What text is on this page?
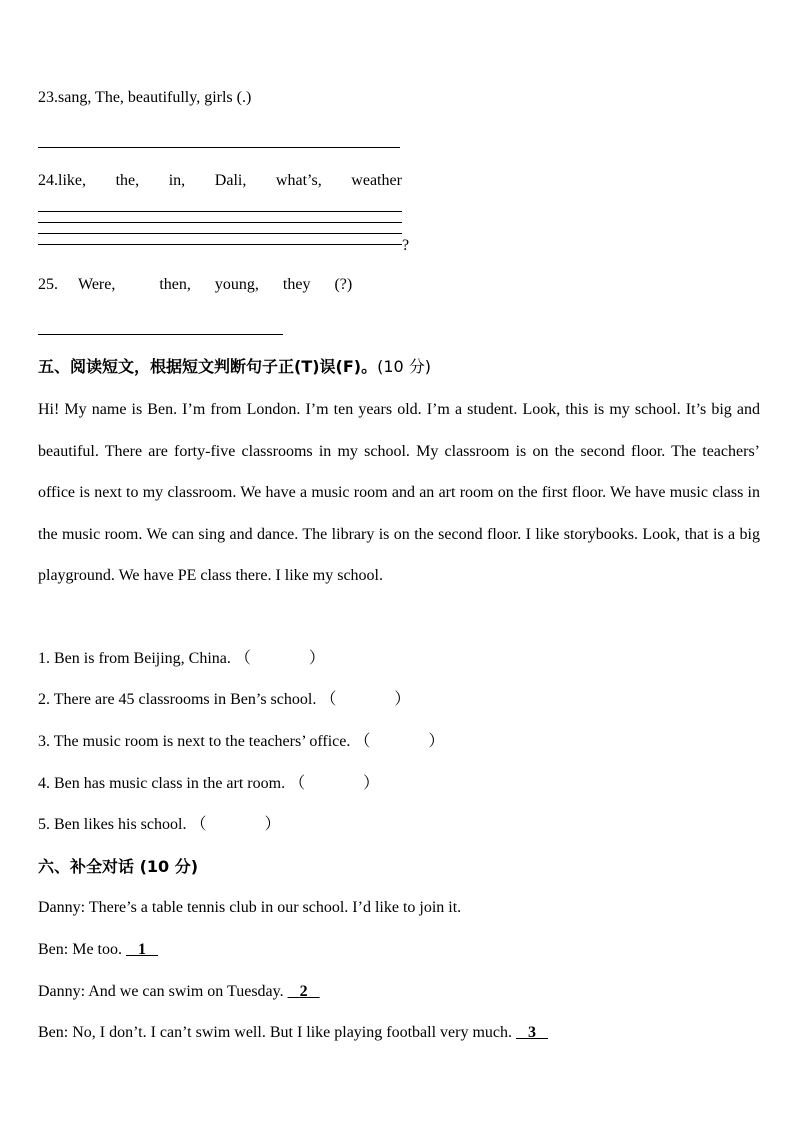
23.sang, The, beautifully, girls (.)
24.like, the, in, Dali, what’s, weather
?
25. Were,	then, young, they (?)
五、阅读短文，根据短文判断句子正(T)误(F)。(10 分)
Hi! My name is Ben. I’m from London. I’m ten years old. I’m a student. Look, this is my school. It’s big and beautiful. There are forty-five classrooms in my school. My classroom is on the second floor. The teachers’ office is next to my classroom. We have a music room and an art room on the first floor. We have music class in the music room. We can sing and dance. The library is on the second floor. I like storybooks. Look, that is a big playground. We have PE class there. I like my school.
1. Ben is from Beijing, China. （	）
2. There are 45 classrooms in Ben’s school. （	）
3. The music room is next to the teachers’ office. （	）
4. Ben has music class in the art room. （	）
5. Ben likes his school. （	）
六、补全对话 (10 分)
Danny: There’s a table tennis club in our school. I’d like to join it.
Ben: Me too.    1
Danny: And we can swim on Tuesday.    2
Ben: No, I don’t. I can’t swim well. But I like playing football very much.    3
